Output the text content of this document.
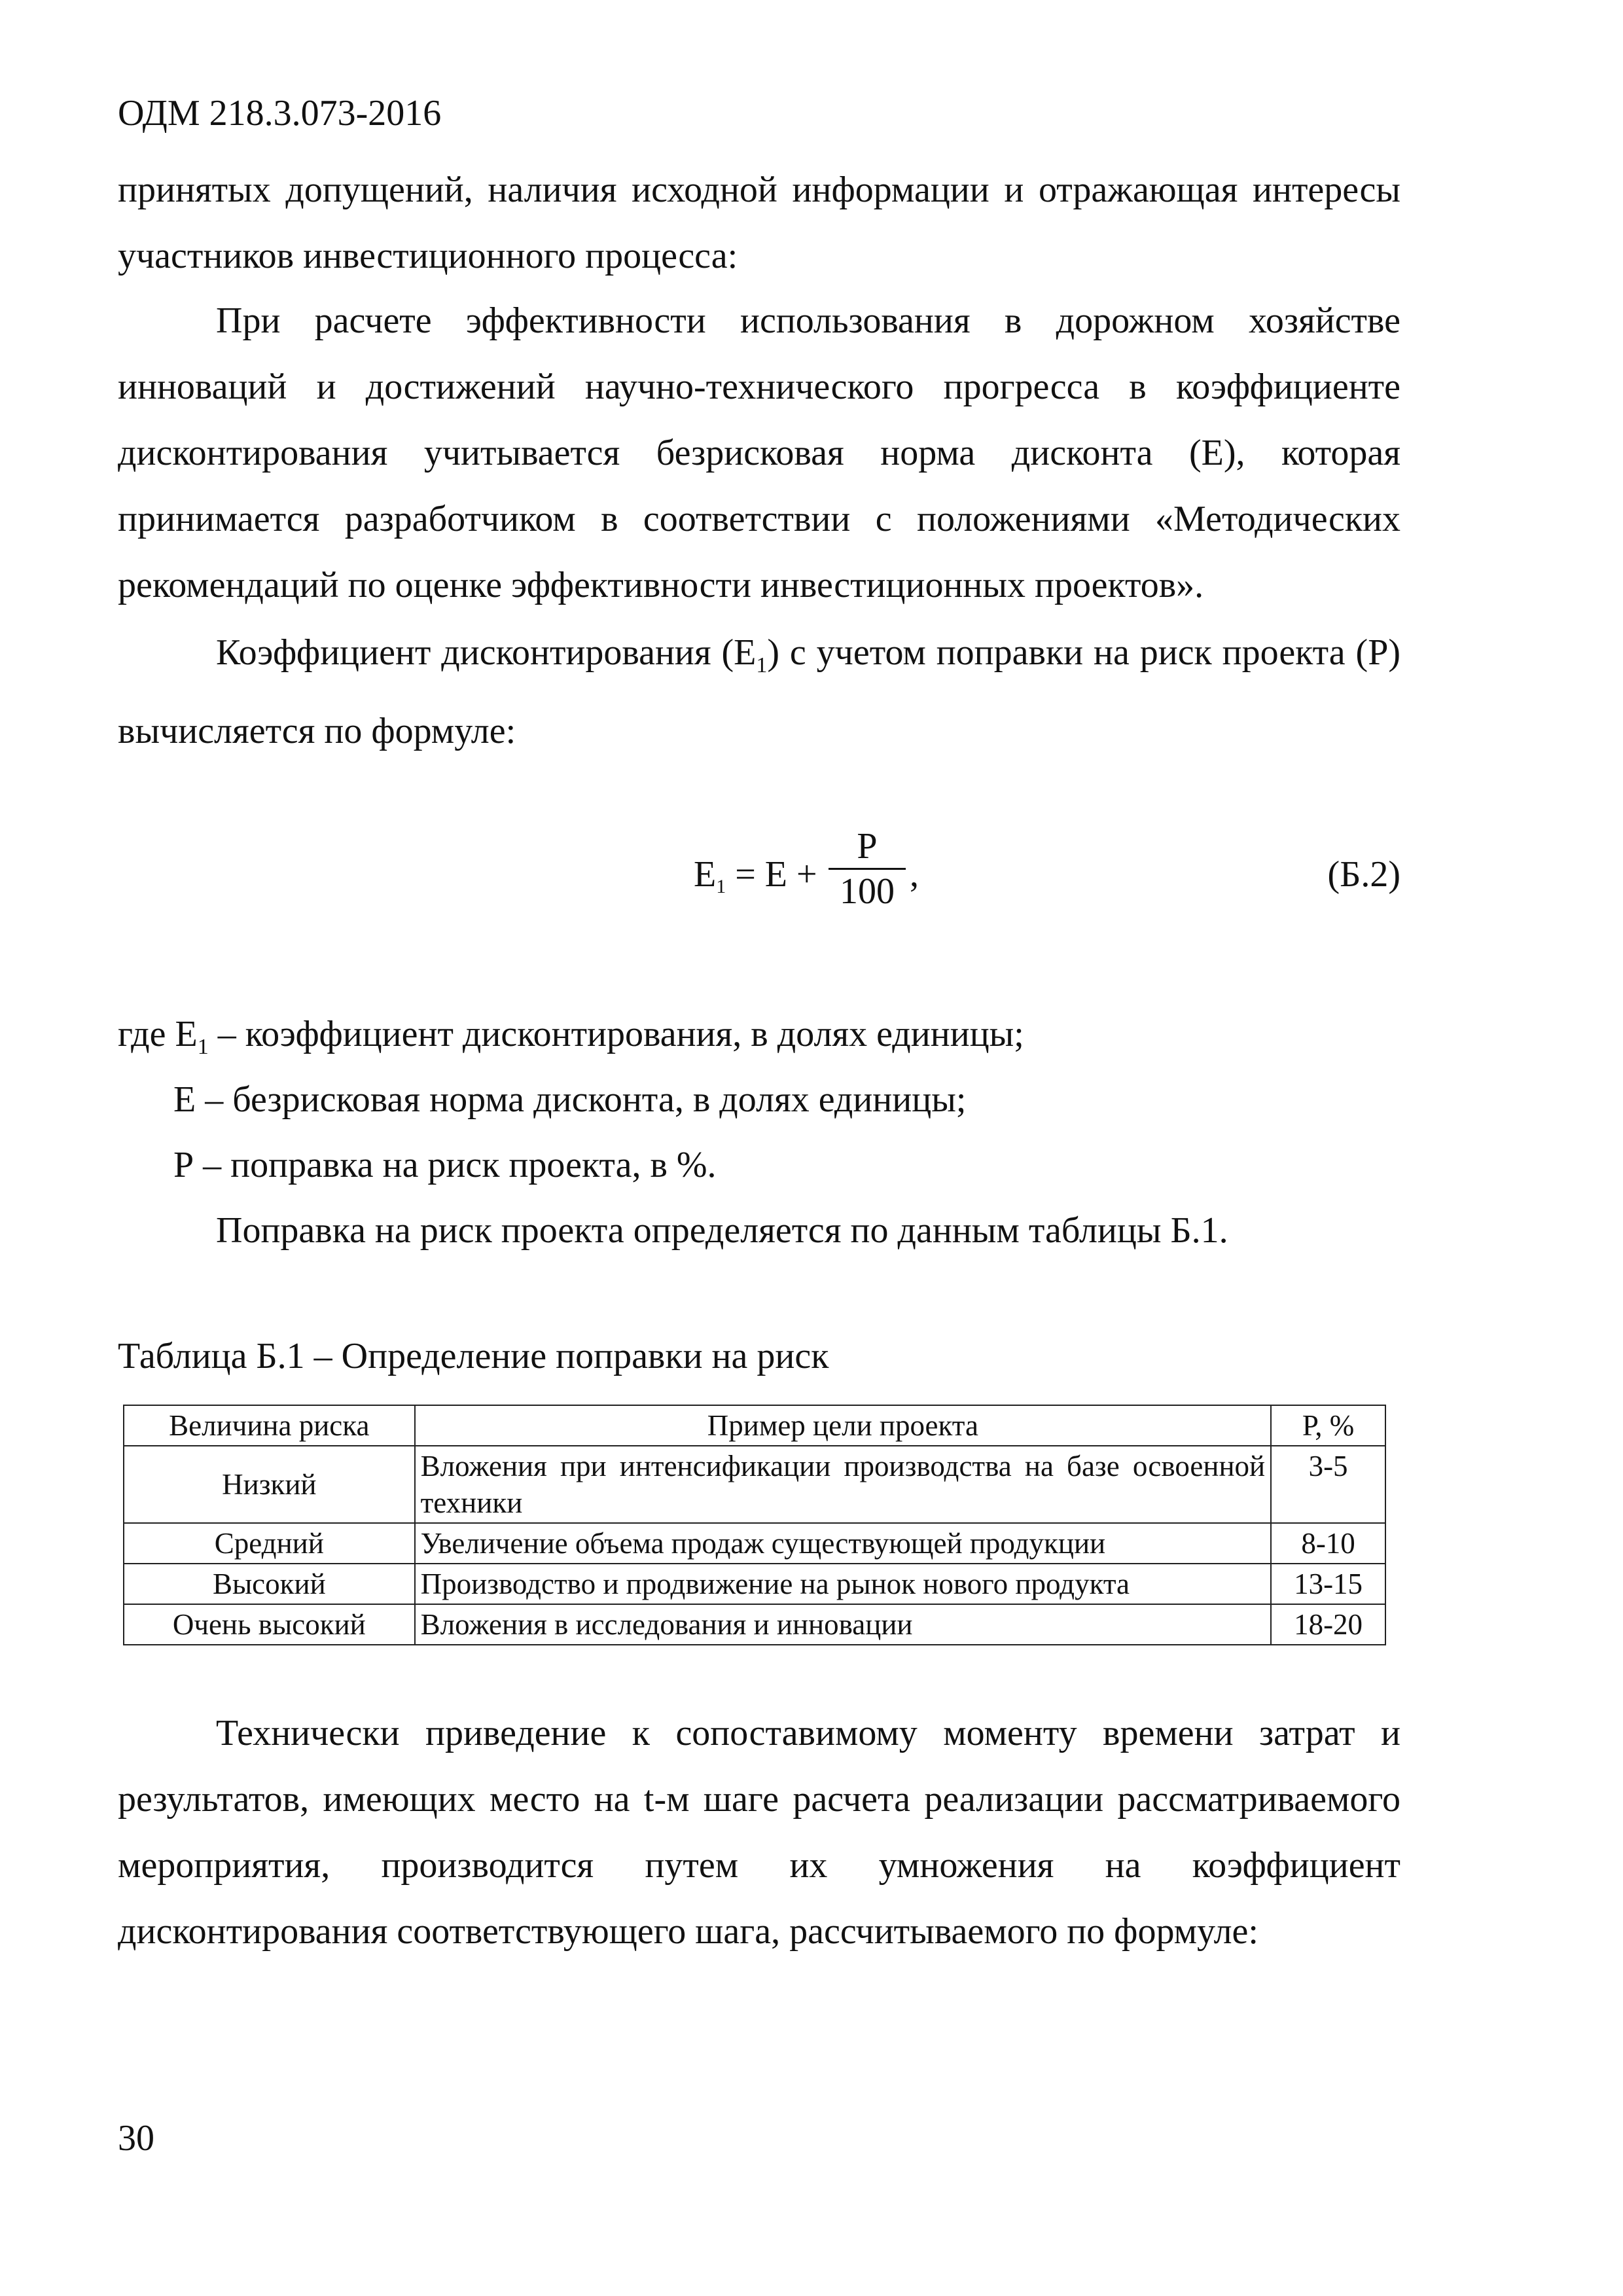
ОДМ 218.3.073-2016

принятых допущений, наличия исходной информации и отражающая интересы участников инвестиционного процесса:

При расчете эффективности использования в дорожном хозяйстве инноваций и достижений научно-технического прогресса в коэффициенте дисконтирования учитывается безрисковая норма дисконта (Е), которая принимается разработчиком в соответствии с положениями «Методических рекомендаций по оценке эффективности инвестиционных проектов».

Коэффициент дисконтирования $(Е_1)$ с учетом поправки на риск проекта (Р) вычисляется по формуле:

$E_1 = E$ +
P
100 ,	(Б.2)
где $Е_1$ – коэффициент дисконтирования, в долях единицы;
Е – безрисковая норма дисконта, в долях единицы;
Р – поправка на риск проекта, в %.
Поправка на риск проекта определяется по данным таблицы Б.1.
Таблица Б.1 – Определение поправки на риск
Величина риска	Пример цели проекта	Р, %
Низкий	Вложения при интенсификации производства на базе освоенной техники	3-5
Средний	Увеличение объема продаж существующей продукции	8-10
Высокий	Производство и продвижение на рынок нового продукта	13-15
Очень высокий	Вложения в исследования и инновации	18-20

Технически приведение к сопоставимому моменту времени затрат и результатов, имеющих место на t-м шаге расчета реализации рассматриваемого мероприятия, производится путем их умножения на коэффициент дисконтирования соответствующего шага, рассчитываемого по формуле:

30
